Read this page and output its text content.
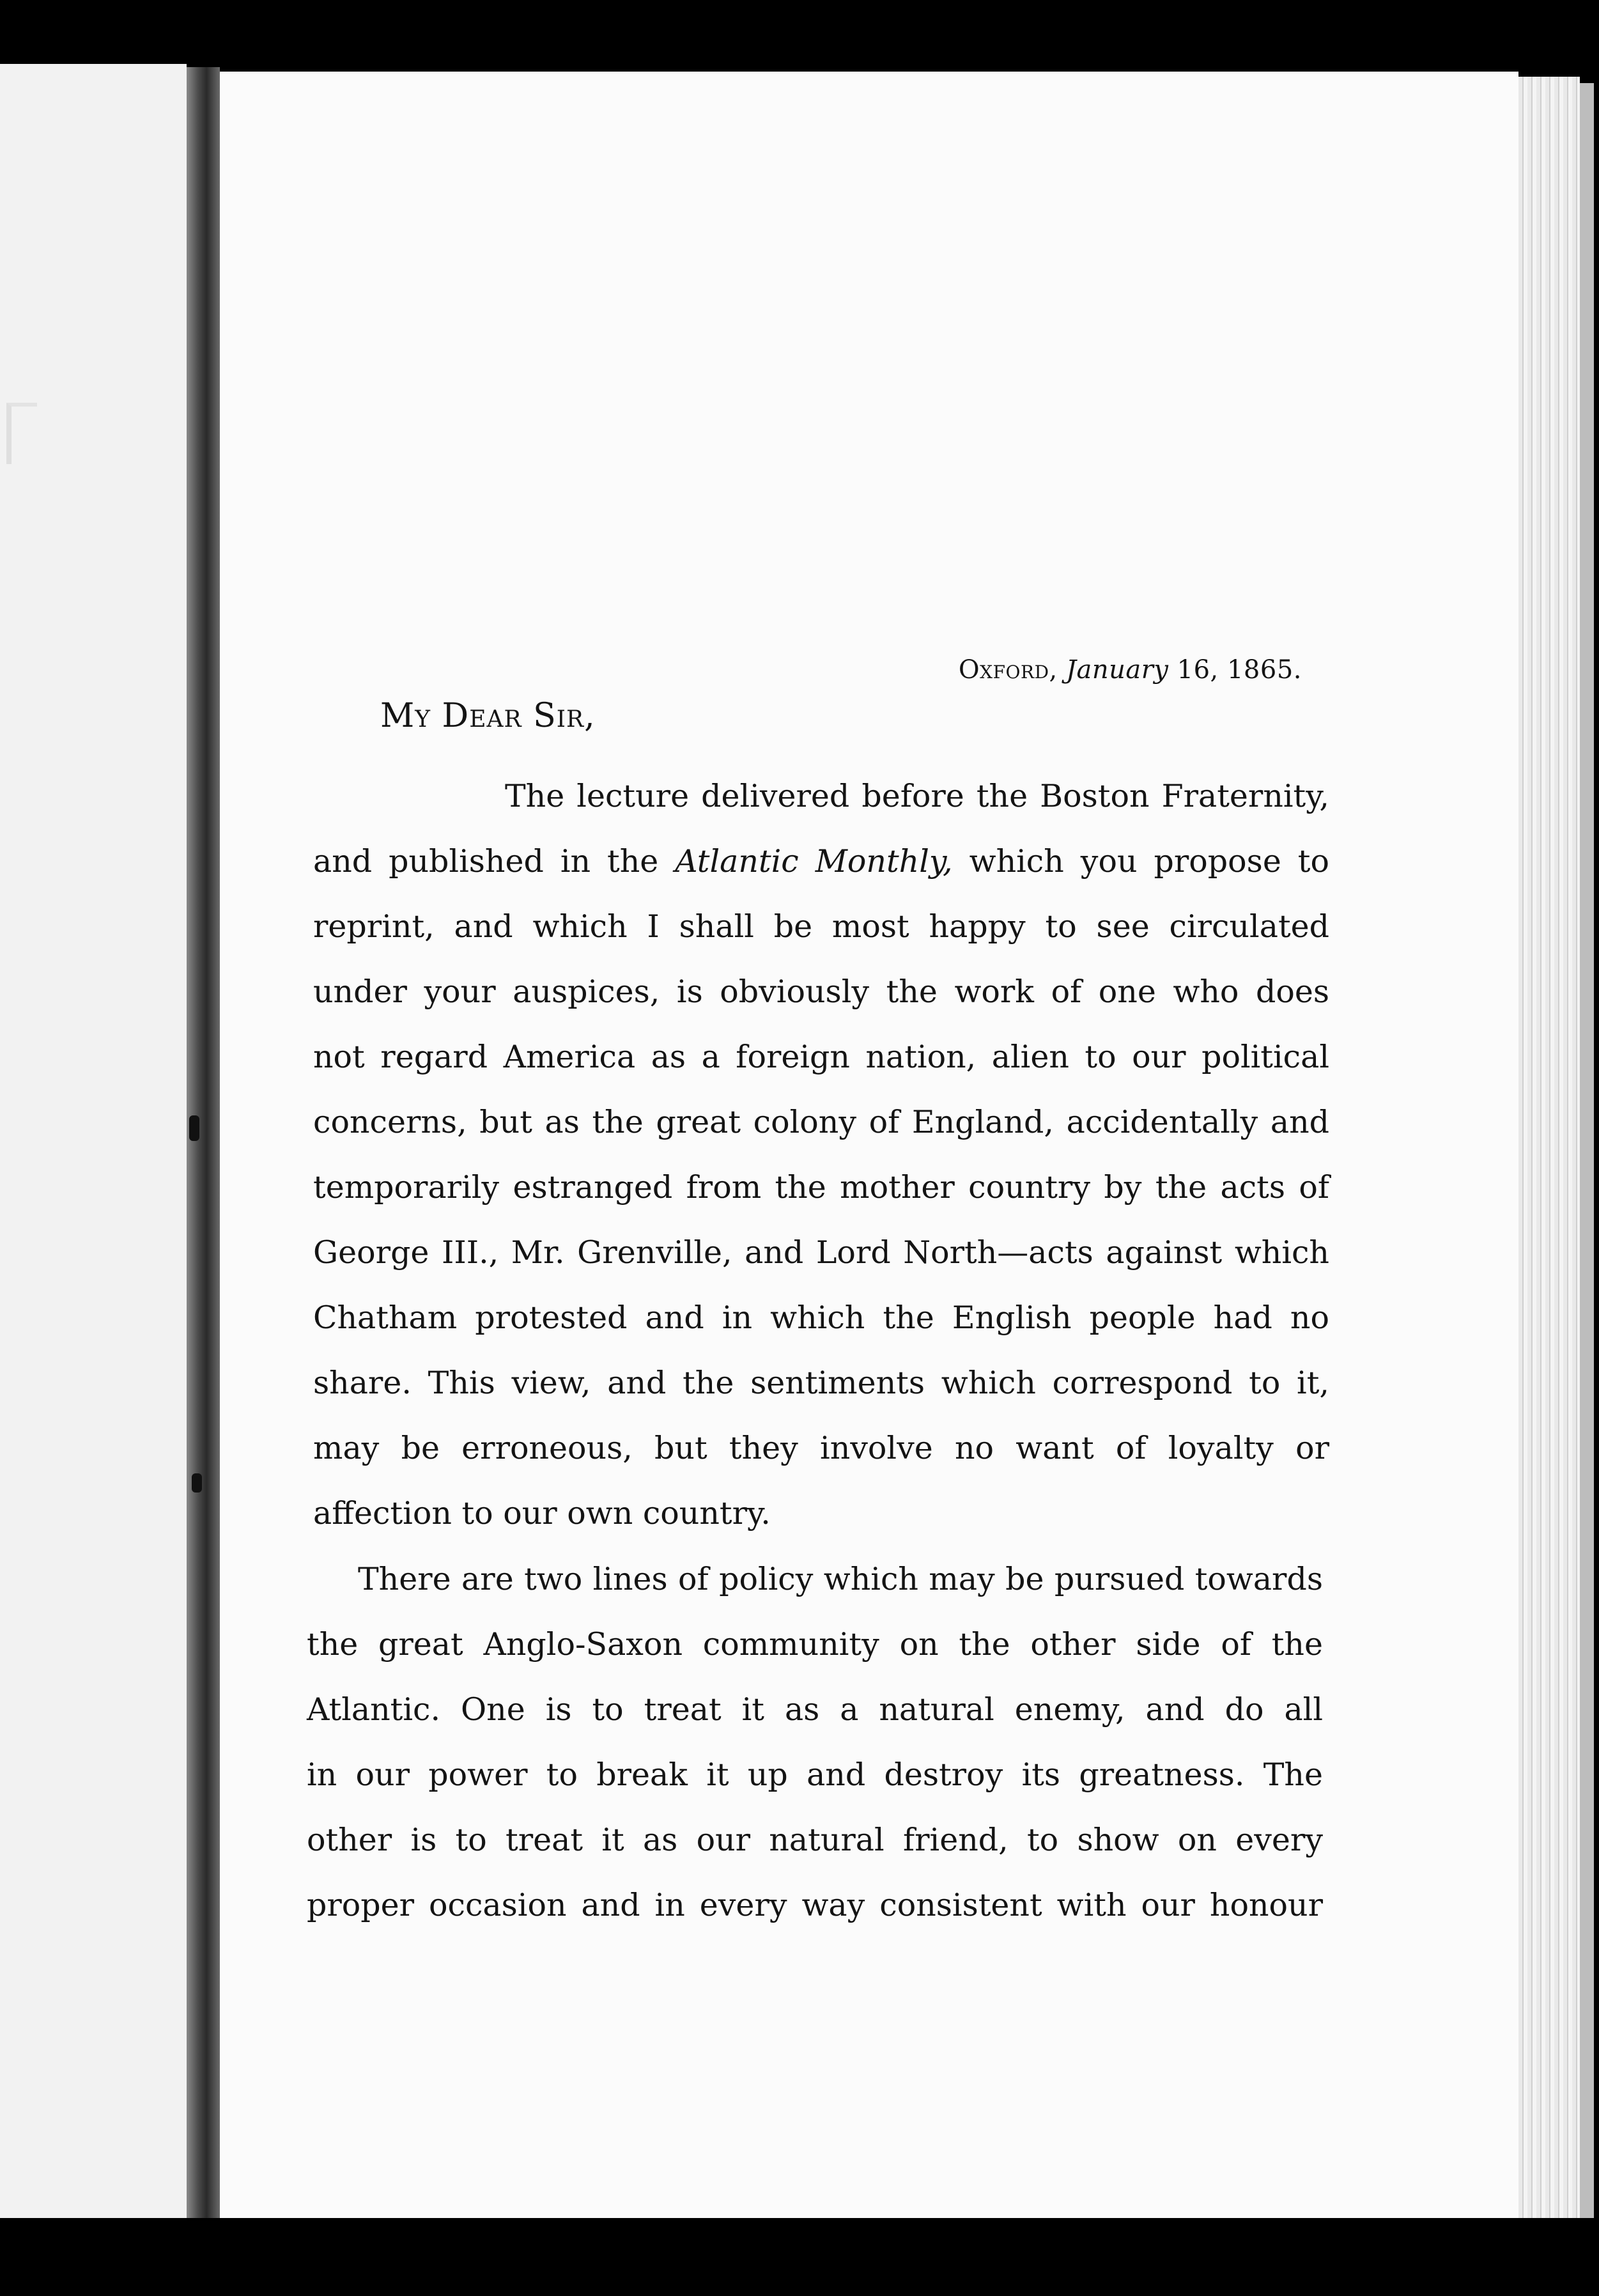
Oxford, January 16, 1865.
My Dear Sir,
The lecture delivered before the Boston Fraternity,
and published in the Atlantic Monthly, which you propose to
reprint, and which I shall be most happy to see circulated
under your auspices, is obviously the work of one who does
not regard America as a foreign nation, alien to our political
concerns, but as the great colony of England, accidentally and
temporarily estranged from the mother country by the acts of
George III., Mr. Grenville, and Lord North—acts against which
Chatham protested and in which the English people had no
share. This view, and the sentiments which correspond to it,
may be erroneous, but they involve no want of loyalty or
affection to our own country.
There are two lines of policy which may be pursued towards
the great Anglo-Saxon community on the other side of the
Atlantic. One is to treat it as a natural enemy, and do all
in our power to break it up and destroy its greatness. The
other is to treat it as our natural friend, to show on every
proper occasion and in every way consistent with our honour
